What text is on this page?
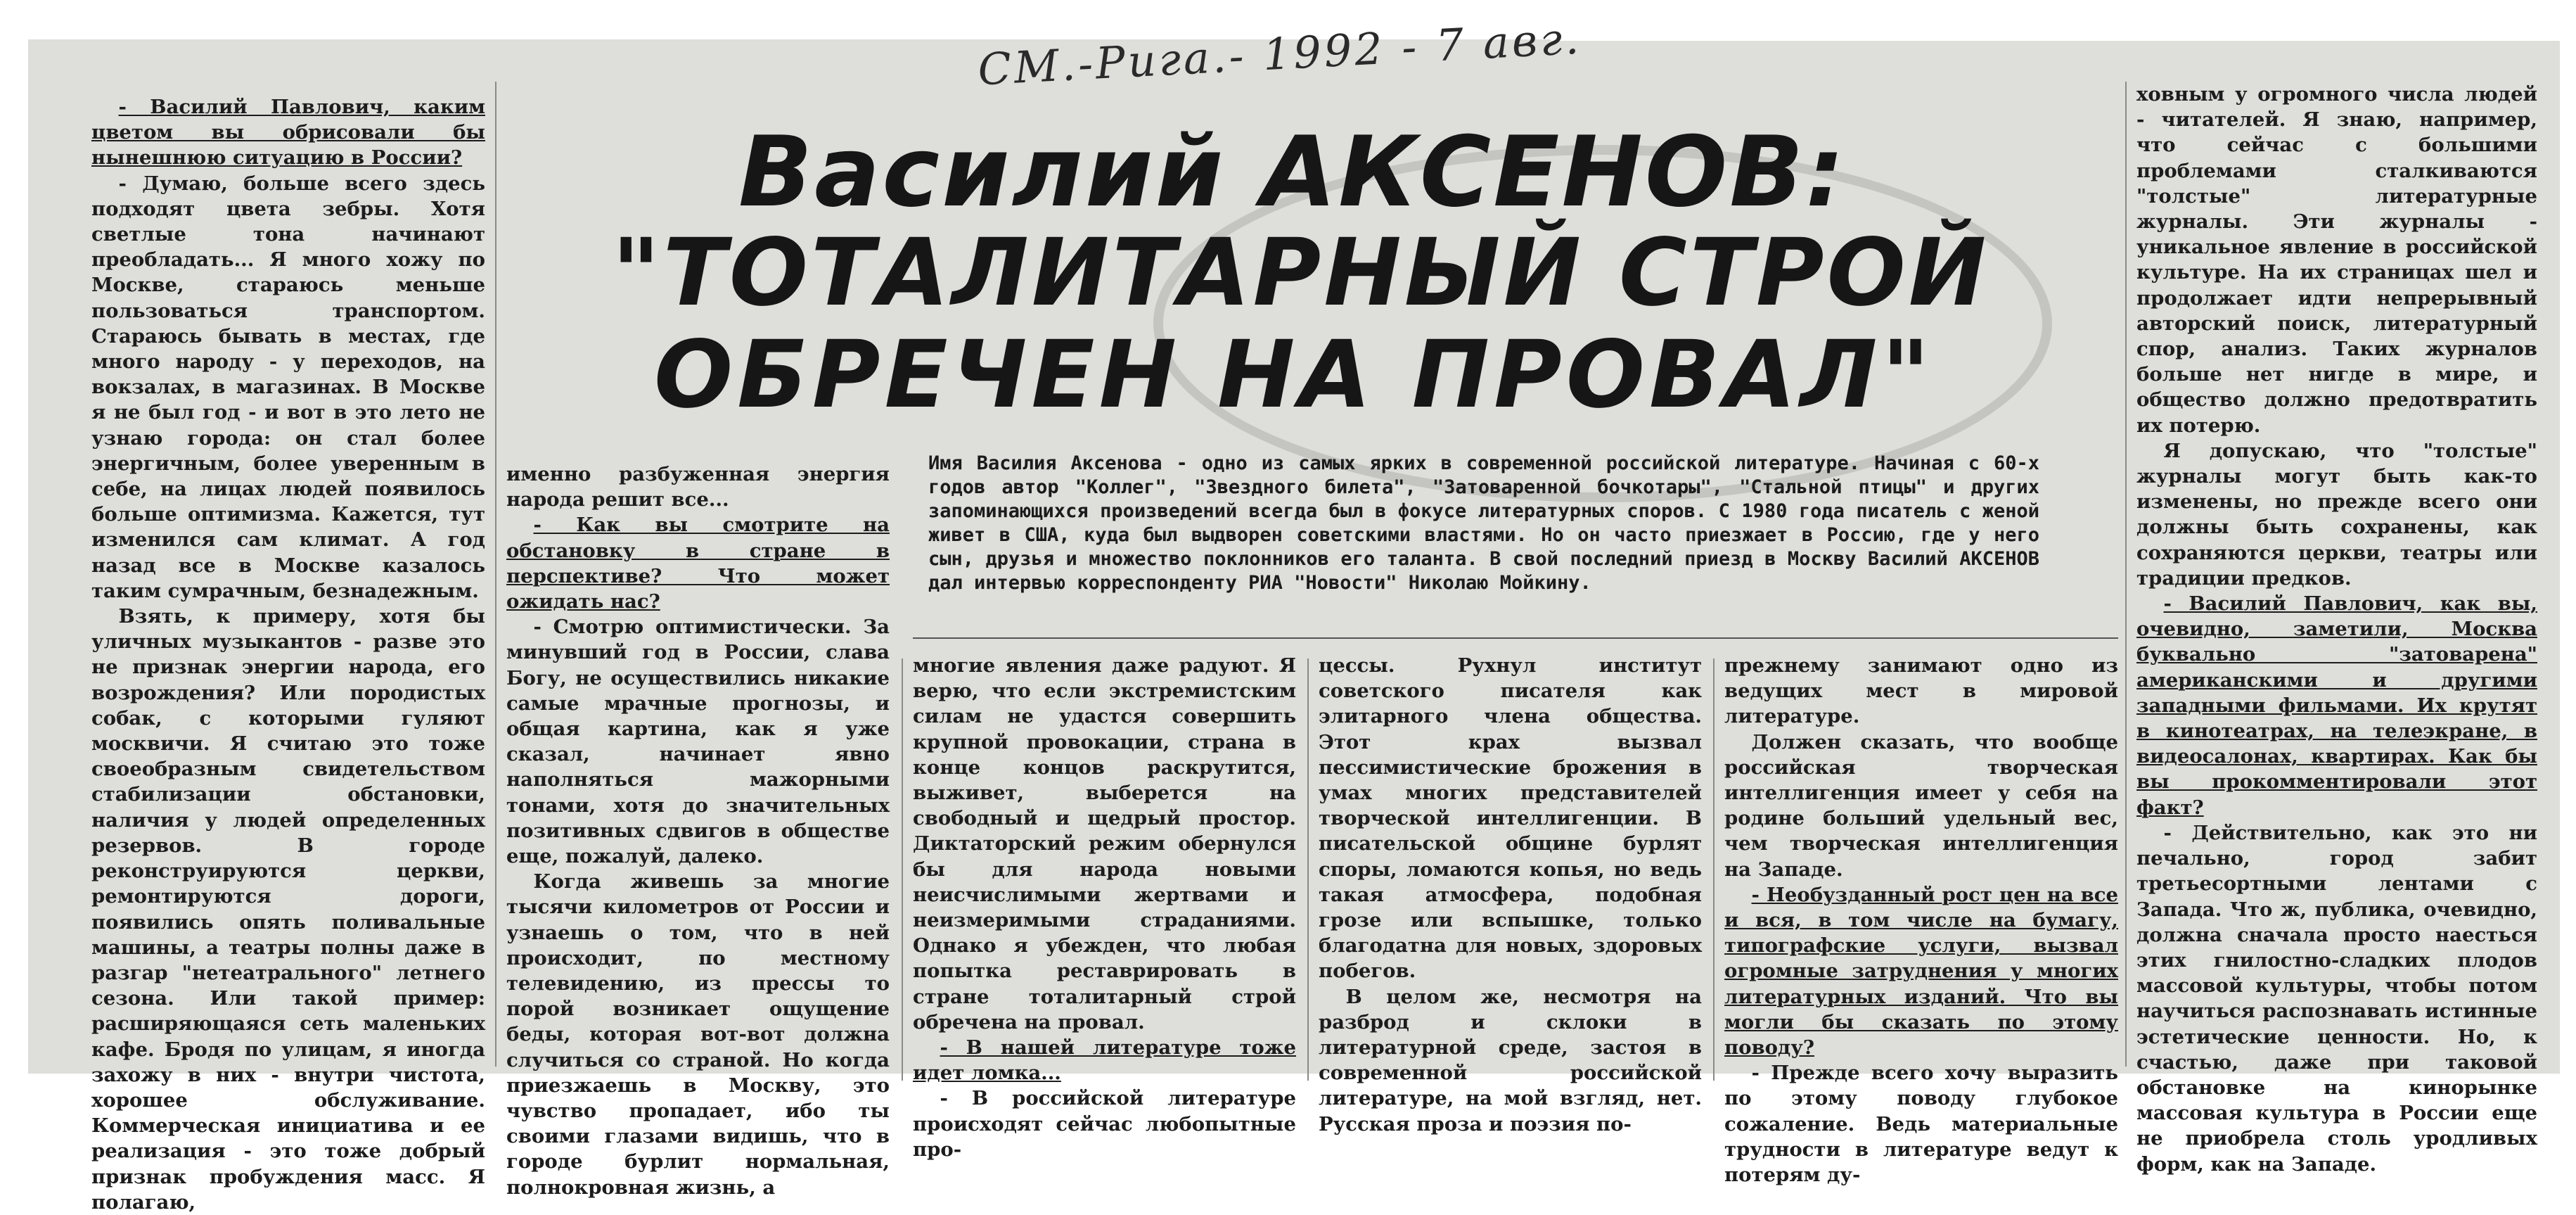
- Василий Павлович, каким цветом вы обрисовали бы нынешнюю ситуацию в России?

- Думаю, больше всего здесь подходят цвета зебры. Хотя светлые тона начинают преобладать... Я много хожу по Москве, стараюсь меньше пользоваться транспортом. Стараюсь бывать в местах, где много народу - у переходов, на вокзалах, в магазинах. В Москве я не был год - и вот в это лето не узнаю города: он стал более энергичным, более уверенным в себе, на лицах людей появилось больше оптимизма. Кажется, тут изменился сам климат. А год назад все в Москве казалось таким сумрачным, безнадежным.

Взять, к примеру, хотя бы уличных музыкантов - разве это не признак энергии народа, его возрождения? Или породистых собак, с которыми гуляют москвичи. Я считаю это тоже своеобразным свидетельством стабилизации обстановки, наличия у людей определенных резервов. В городе реконструируются церкви, ремонтируются дороги, появились опять поливальные машины, а театры полны даже в разгар "нетеатрального" летнего сезона. Или такой пример: расширяющаяся сеть маленьких кафе. Бродя по улицам, я иногда захожу в них - внутри чистота, хорошее обслуживание. Коммерческая инициатива и ее реализация - это тоже добрый признак пробуждения масс. Я полагаю,

Василий АКСЕНОВ:
"ТОТАЛИТАРНЫЙ СТРОЙ
ОБРЕЧЕН НА ПРОВАЛ"

Имя Василия Аксенова - одно из самых ярких в современной российской литературе. Начиная с 60-х годов автор "Коллег", "Звездного билета", "Затоваренной бочкотары", "Стальной птицы" и других запоминающихся произведений всегда был в фокусе литературных споров. С 1980 года писатель с женой живет в США, куда был выдворен советскими властями. Но он часто приезжает в Россию, где у него сын, друзья и множество поклонников его таланта. В свой последний приезд в Москву Василий АКСЕНОВ дал интервью корреспонденту РИА "Новости" Николаю Мойкину.

именно разбуженная энергия народа решит все...

- Как вы смотрите на обстановку в стране в перспективе? Что может ожидать нас?

- Смотрю оптимистически. За минувший год в России, слава Богу, не осуществились никакие самые мрачные прогнозы, и общая картина, как я уже сказал, начинает явно наполняться мажорными тонами, хотя до значительных позитивных сдвигов в обществе еще, пожалуй, далеко.

Когда живешь за многие тысячи километров от России и узнаешь о том, что в ней происходит, по местному телевидению, из прессы то порой возникает ощущение беды, которая вот-вот должна случиться со страной. Но когда приезжаешь в Москву, это чувство пропадает, ибо ты своими глазами видишь, что в городе бурлит нормальная, полнокровная жизнь, а

многие явления даже радуют. Я верю, что если экстремистским силам не удастся совершить крупной провокации, страна в конце концов раскрутится, выживет, выберется на свободный и щедрый простор. Диктаторский режим обернулся бы для народа новыми неисчислимыми жертвами и неизмеримыми страданиями. Однако я убежден, что любая попытка реставрировать в стране тоталитарный строй обречена на провал.

- В нашей литературе тоже идет ломка...

- В российской литературе происходят сейчас любопытные про-

цессы. Рухнул институт советского писателя как элитарного члена общества. Этот крах вызвал пессимистические брожения в умах многих представителей творческой интеллигенции. В писательской общине бурлят споры, ломаются копья, но ведь такая атмосфера, подобная грозе или вспышке, только благодатна для новых, здоровых побегов.

В целом же, несмотря на разброд и склоки в литературной среде, застоя в современной российской литературе, на мой взгляд, нет. Русская проза и поэзия по-

прежнему занимают одно из ведущих мест в мировой литературе.

Должен сказать, что вообще российская творческая интеллигенция имеет у себя на родине больший удельный вес, чем творческая интеллигенция на Западе.

- Необузданный рост цен на все и вся, в том числе на бумагу, типографские услуги, вызвал огромные затруднения у многих литературных изданий. Что вы могли бы сказать по этому поводу?

- Прежде всего хочу выразить по этому поводу глубокое сожаление. Ведь материальные трудности в литературе ведут к потерям ду-

ховным у огромного числа людей - читателей. Я знаю, например, что сейчас с большими проблемами сталкиваются "толстые" литературные журналы. Эти журналы - уникальное явление в российской культуре. На их страницах шел и продолжает идти непрерывный авторский поиск, литературный спор, анализ. Таких журналов больше нет нигде в мире, и общество должно предотвратить их потерю.

Я допускаю, что "толстые" журналы могут быть как-то изменены, но прежде всего они должны быть сохранены, как сохраняются церкви, театры или традиции предков.

- Василий Павлович, как вы, очевидно, заметили, Москва буквально "затоварена" американскими и другими западными фильмами. Их крутят в кинотеатрах, на телеэкране, в видеосалонах, квартирах. Как бы вы прокомментировали этот факт?

- Действительно, как это ни печально, город забит третьесортными лентами с Запада. Что ж, публика, очевидно, должна сначала просто наесться этих гнилостно-сладких плодов массовой культуры, чтобы потом научиться распознавать истинные эстетические ценности. Но, к счастью, даже при таковой обстановке на кинорынке массовая культура в России еще не приобрела столь уродливых форм, как на Западе.

СМ.-Рига.- 1992 - 7 авг.
